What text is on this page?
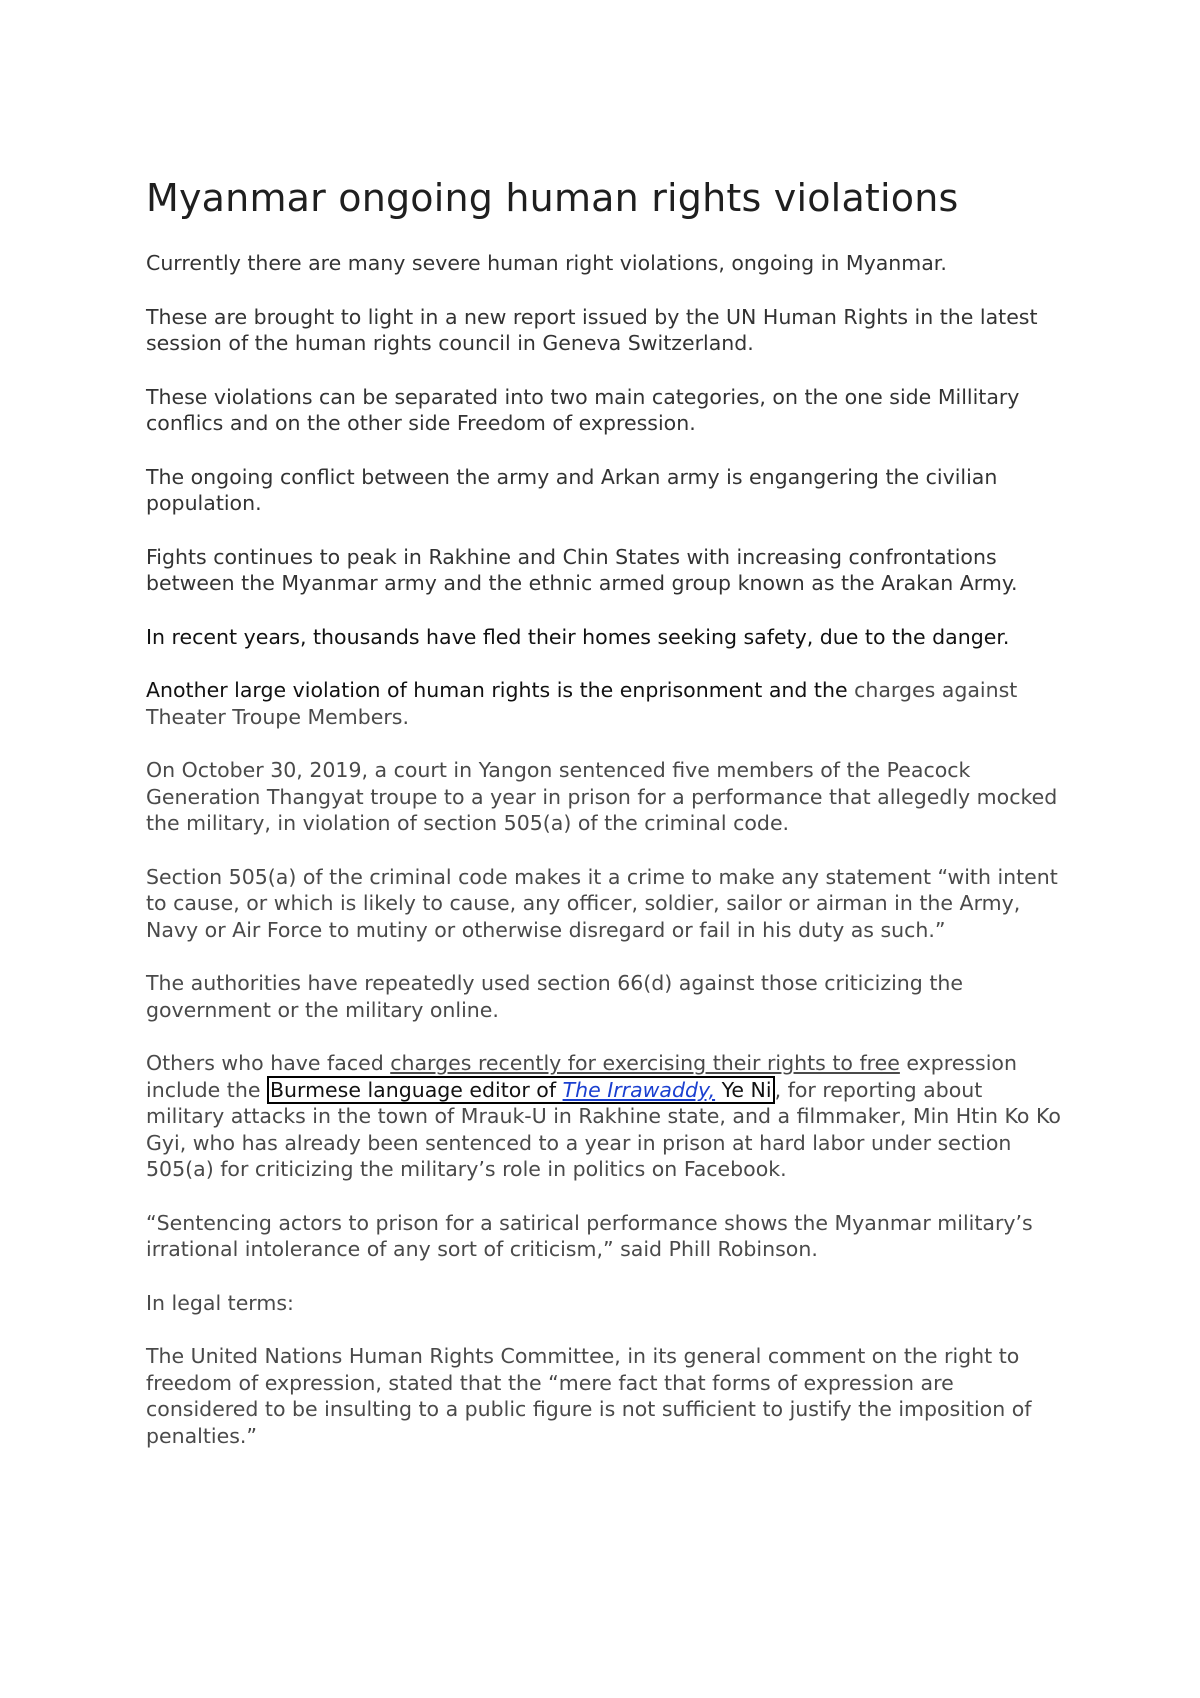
Myanmar ongoing human rights violations

Currently there are many severe human right violations, ongoing in Myanmar.

These are brought to light in a new report issued by the UN Human Rights in the latest session of the human rights council in Geneva Switzerland.

These violations can be separated into two main categories, on the one side Millitary conflics and on the other side Freedom of expression.

The ongoing conflict between the army and Arkan army is engangering the civilian population.

Fights continues to peak in Rakhine and Chin States with increasing confrontations between the Myanmar army and the ethnic armed group known as the Arakan Army.

In recent years, thousands have fled their homes seeking safety, due to the danger.

Another large violation of human rights is the enprisonment and the charges against Theater Troupe Members.

On October 30, 2019, a court in Yangon sentenced five members of the Peacock Generation Thangyat troupe to a year in prison for a performance that allegedly mocked the military, in violation of section 505(a) of the criminal code.

Section 505(a) of the criminal code makes it a crime to make any statement “with intent to cause, or which is likely to cause, any officer, soldier, sailor or airman in the Army, Navy or Air Force to mutiny or otherwise disregard or fail in his duty as such.”

The authorities have repeatedly used section 66(d) against those criticizing the government or the military online.

Others who have faced charges recently for exercising their rights to free expression include the Burmese language editor of The Irrawaddy, Ye Ni , for reporting about military attacks in the town of Mrauk-U in Rakhine state, and a filmmaker, Min Htin Ko Ko Gyi, who has already been sentenced to a year in prison at hard labor under section 505(a) for criticizing the military’s role in politics on Facebook.

“Sentencing actors to prison for a satirical performance shows the Myanmar military’s irrational intolerance of any sort of criticism,” said Phill Robinson.

In legal terms:

The United Nations Human Rights Committee, in its general comment on the right to freedom of expression, stated that the “mere fact that forms of expression are considered to be insulting to a public figure is not sufficient to justify the imposition of penalties.”
